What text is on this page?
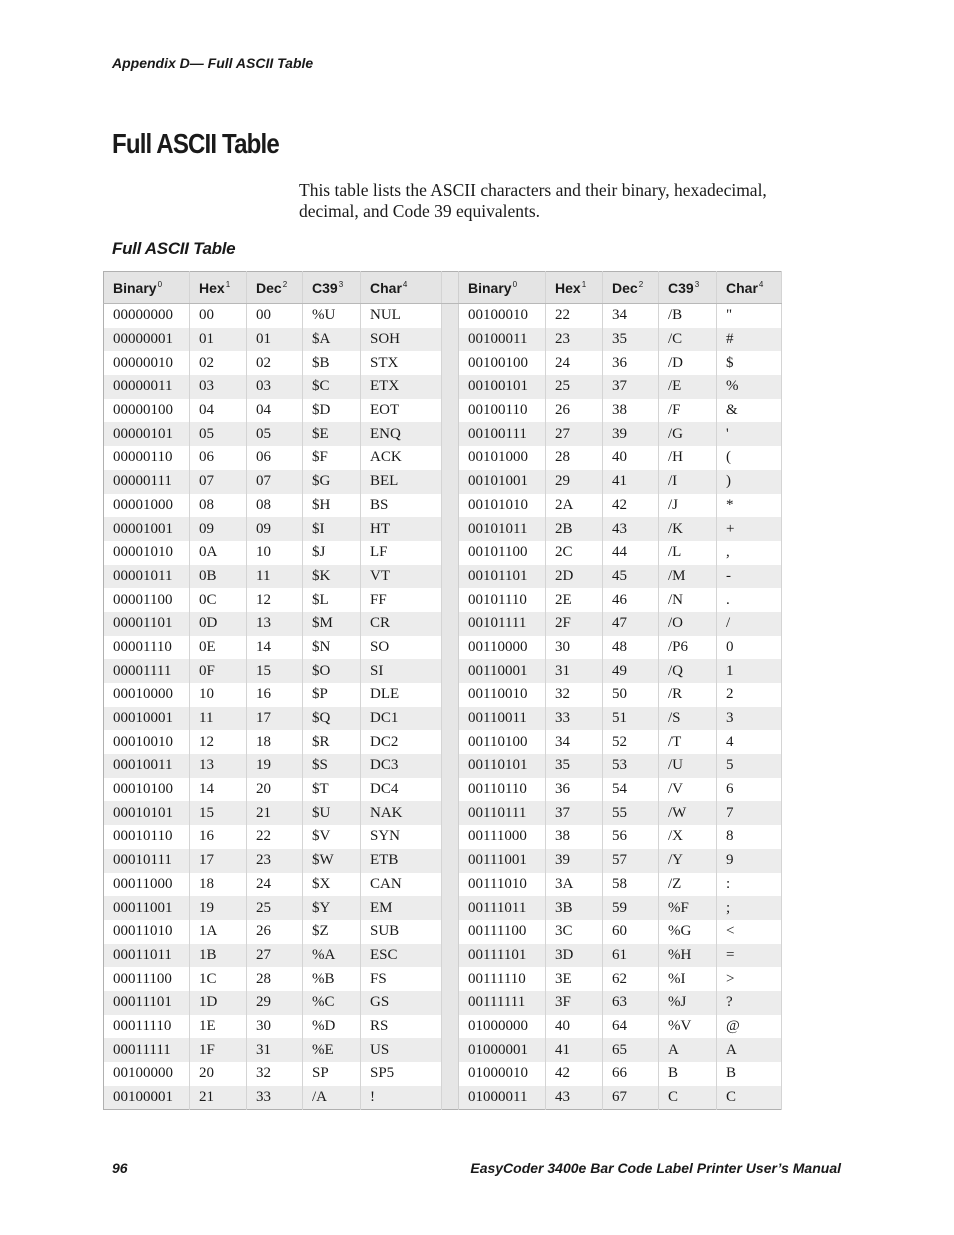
Appendix D— Full ASCII Table
Full ASCII Table
This table lists the ASCII characters and their binary, hexadecimal, decimal, and Code 39 equivalents.
Full ASCII Table
Binary$^0$	Hex$^1$	Dec$^2$	$C39^3$	Char$^4$		Binary$^0$	Hex$^1$	Dec$^2$	$C39^3$	Char$^4$
00000000	00	00	%U	NUL		00100010	22	34	/B	"
00000001	01	01	$A	SOH		00100011	23	35	/C	#
00000010	02	02	$B	STX		00100100	24	36	/D	$
00000011	03	03	$C	ETX		00100101	25	37	/E	%
00000100	04	04	$D	EOT		00100110	26	38	/F	&
00000101	05	05	$E	ENQ		00100111	27	39	/G	'
00000110	06	06	$F	ACK		00101000	28	40	/H	(
00000111	07	07	$G	BEL		00101001	29	41	/I	)
00001000	08	08	$H	BS		00101010	2A	42	/J	*
00001001	09	09	$I	HT		00101011	2B	43	/K	+
00001010	0A	10	$J	LF		00101100	2C	44	/L	,
00001011	0B	11	$K	VT		00101101	2D	45	/M	-
00001100	0C	12	$L	FF		00101110	2E	46	/N	.
00001101	0D	13	$M	CR		00101111	2F	47	/O	/
00001110	0E	14	$N	SO		00110000	30	48	/P6	0
00001111	0F	15	$O	SI		00110001	31	49	/Q	1
00010000	10	16	$P	DLE		00110010	32	50	/R	2
00010001	11	17	$Q	DC1		00110011	33	51	/S	3
00010010	12	18	$R	DC2		00110100	34	52	/T	4
00010011	13	19	$S	DC3		00110101	35	53	/U	5
00010100	14	20	$T	DC4		00110110	36	54	/V	6
00010101	15	21	$U	NAK		00110111	37	55	/W	7
00010110	16	22	$V	SYN		00111000	38	56	/X	8
00010111	17	23	$W	ETB		00111001	39	57	/Y	9
00011000	18	24	$X	CAN		00111010	3A	58	/Z	:
00011001	19	25	$Y	EM		00111011	3B	59	%F	;
00011010	1A	26	$Z	SUB		00111100	3C	60	%G	<
00011011	1B	27	%A	ESC		00111101	3D	61	%H	=
00011100	1C	28	%B	FS		00111110	3E	62	%I	>
00011101	1D	29	%C	GS		00111111	3F	63	%J	?
00011110	1E	30	%D	RS		01000000	40	64	%V	@
00011111	1F	31	%E	US		01000001	41	65	A	A
00100000	20	32	SP	SP5		01000010	42	66	B	B
00100001	21	33	/A	!		01000011	43	67	C	C
96	EasyCoder 3400e Bar Code Label Printer User’s Manual
